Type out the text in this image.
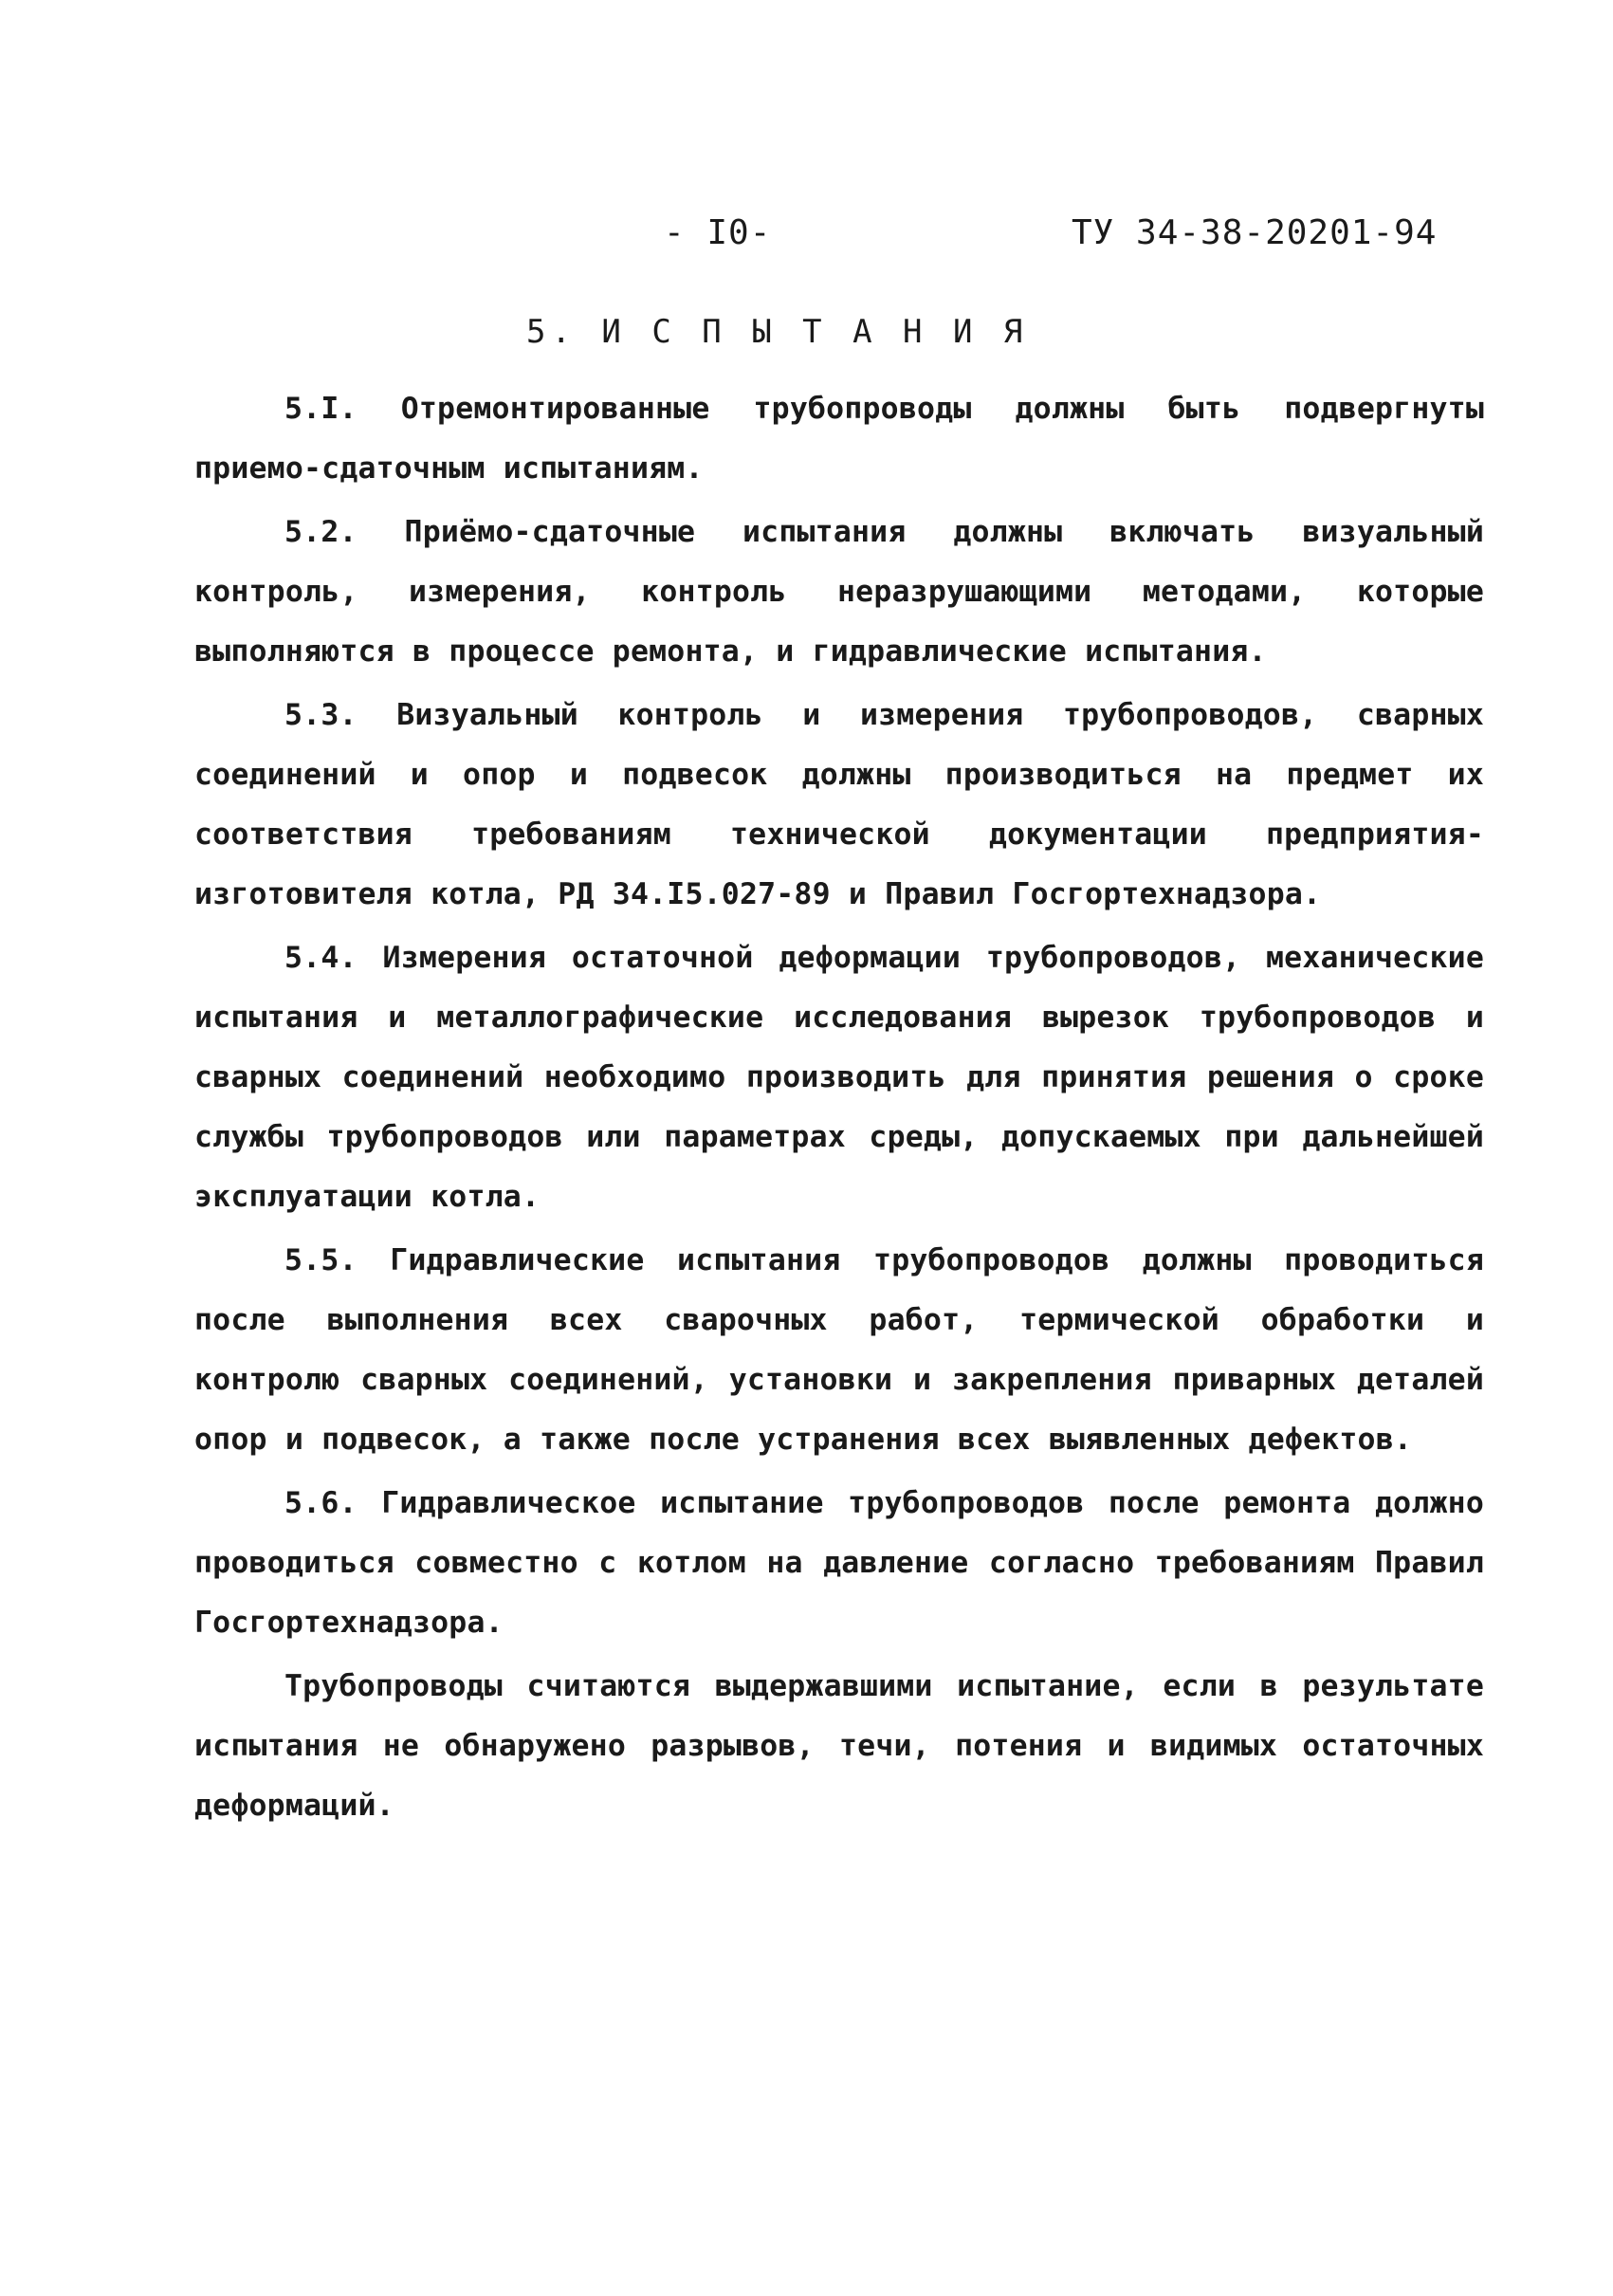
- I0-	ТУ 34-38-20201-94
5. И С П Ы Т А Н И Я

5.I. Отремонтированные трубопроводы должны быть подвергнуты приемо-сдаточным испытаниям.

5.2. Приёмо-сдаточные испытания должны включать визуальный контроль, измерения, контроль неразрушающими методами, которые выполняются в процессе ремонта, и гидравлические испытания.

5.3. Визуальный контроль и измерения трубопроводов, сварных соединений и опор и подвесок должны производиться на предмет их соответствия требованиям технической документации предприятия-изготовителя котла, РД 34.I5.027-89 и Правил Госгортехнадзора.

5.4. Измерения остаточной деформации трубопроводов, механические испытания и металлографические исследования вырезок трубопроводов и сварных соединений необходимо производить для принятия решения о сроке службы трубопроводов или параметрах среды, допускаемых при дальнейшей эксплуатации котла.

5.5. Гидравлические испытания трубопроводов должны проводиться после выполнения всех сварочных работ, термической обработки и контролю сварных соединений, установки и закрепления приварных деталей опор и подвесок, а также после устранения всех выявленных дефектов.

5.6. Гидравлическое испытание трубопроводов после ремонта должно проводиться совместно с котлом на давление согласно требованиям Правил Госгортехнадзора.

Трубопроводы считаются выдержавшими испытание, если в результате испытания не обнаружено разрывов, течи, потения и видимых остаточных деформаций.
